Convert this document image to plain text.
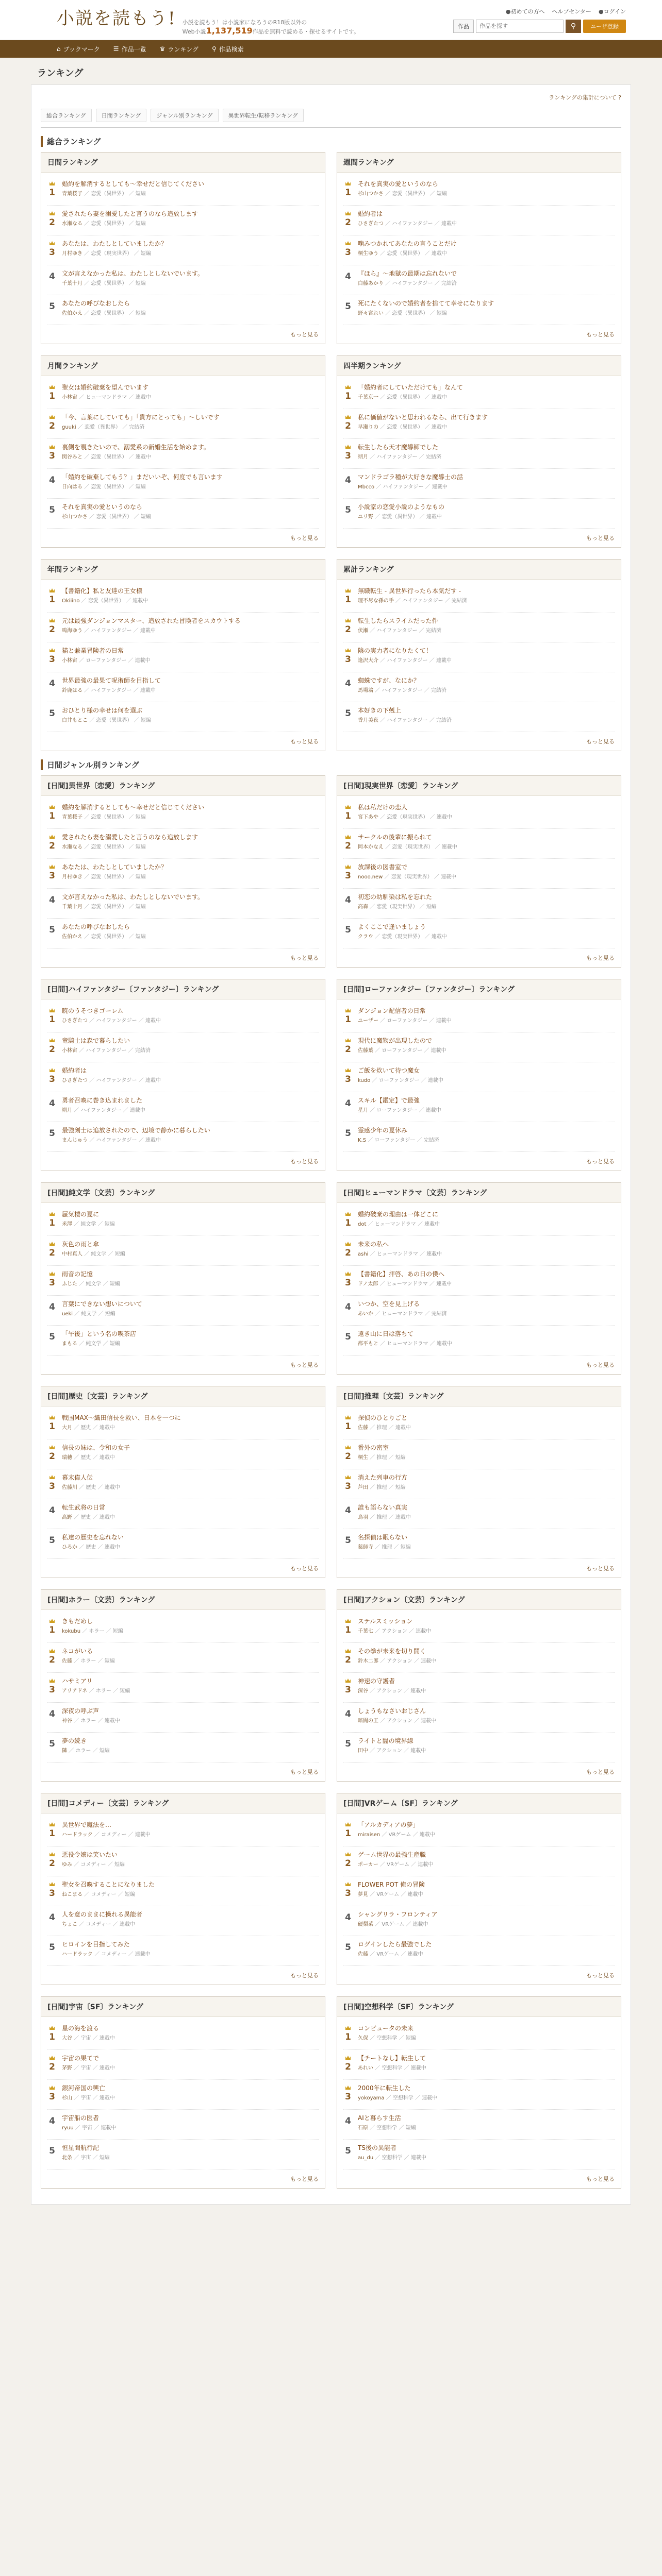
小説を読もう! 小説を読もう！は小説家になろうのR18版以外の
Web小説1,137,519作品を無料で読める・探せるサイトです。
●初めての方へ ヘルプセンター ●ログイン
作品
作品を探す	⚲	ユーザ登録
⌂ ブックマーク ☰ 作品一覧 ♛ ランキング ⚲ 作品検索
ランキング
ランキングの集計について ?
総合ランキング	日間ランキング	ジャンル別ランキング	異世界転生/転移ランキング
総合ランキング
日間ランキング
1
婚約を解消するとしても～幸せだと信じてください
青葉桜子 ／ 恋愛（異世界） ／ 短編
2
愛されたら妻を溺愛したと言うのなら追放します
水瀬なる ／ 恋愛（異世界） ／ 短編
3
あなたは、わたしとしていましたか？
月村ゆき ／ 恋愛（現実世界） ／ 短編
4 文が言えなかった私は、わたしとしないでいます。
千葉十月 ／ 恋愛（異世界） ／ 短編
5 あなたの呼びなおしたら
佐伯かえ ／ 恋愛（異世界） ／ 短編
もっと見る
週間ランキング
1
それを真実の愛というのなら
杉山つかさ ／ 恋愛（異世界） ／ 短編
2
婚約者は
ひさぎたつ ／ ハイファンタジー ／ 連載中
3
噛みつかれてあなたの言うことだけ
桐生ゆう ／ 恋愛（異世界） ／ 連載中
4 『ほら』～地獄の最期は忘れないで
白藤あかり ／ ハイファンタジー ／ 完結済
5 死にたくないので婚約者を捨てて幸せになります
野々宮れい ／ 恋愛（異世界） ／ 短編
もっと見る
月間ランキング
1
聖女は婚約破棄を望んでいます
小林宙 ／ ヒューマンドラマ ／ 連載中
2
「今、言葉にしていても」「貴方にとっても」～しいです
guuki ／ 恋愛（異世界） ／ 完結済
3
裏側を覗きたいので、溺愛系の新婚生活を始めます。
関谷みと ／ 恋愛（異世界） ／ 連載中
4 「婚約を破棄してもう？」まだいいぞ、何度でも言います
日向はる ／ 恋愛（異世界） ／ 短編
5 それを真実の愛というのなら
杉山つかさ ／ 恋愛（異世界） ／ 短編
もっと見る
四半期ランキング
1
「婚約者にしていただけても」なんて
千葉京一 ／ 恋愛（異世界） ／ 連載中
2
私に価値がないと思われるなら、出て行きます
早瀬りの ／ 恋愛（異世界） ／ 連載中
3
転生したら天才魔導師でした
朔月 ／ ハイファンタジー ／ 完結済
4 マンドラゴラ種が大好きな魔導士の話
Mbcco ／ ハイファンタジー ／ 連載中
5 小説家の恋愛小説のようなもの
ユリ野 ／ 恋愛（異世界） ／ 連載中
もっと見る
年間ランキング
1
【書籍化】私と友達の王女様
Okiiino ／ 恋愛（異世界） ／ 連載中
2
元は最強ダンジョンマスター、追放された冒険者をスカウトする
鳴海ゆう ／ ハイファンタジー ／ 連載中
3
猫と兼業冒険者の日常
小林宙 ／ ローファンタジー ／ 連載中
4 世界最強の最果て呪術師を目指して
鈴鹿はる ／ ハイファンタジー ／ 連載中
5 おひとり様の幸せは何を選ぶ
白井もとこ ／ 恋愛（異世界） ／ 短編
もっと見る
累計ランキング
1
無職転生 - 異世界行ったら本気だす -
理不尽な孫の手 ／ ハイファンタジー ／ 完結済
2
転生したらスライムだった件
伏瀬 ／ ハイファンタジー ／ 完結済
3
陰の実力者になりたくて！
逢沢大介 ／ ハイファンタジー ／ 連載中
4 蜘蛛ですが、なにか？
馬場翁 ／ ハイファンタジー ／ 完結済
5 本好きの下剋上
香月美夜 ／ ハイファンタジー ／ 完結済
もっと見る
日間ジャンル別ランキング
[日間]異世界〔恋愛〕ランキング
1
婚約を解消するとしても～幸せだと信じてください
青葉桜子 ／ 恋愛（異世界） ／ 短編
2
愛されたら妻を溺愛したと言うのなら追放します
水瀬なる ／ 恋愛（異世界） ／ 短編
3
あなたは、わたしとしていましたか？
月村ゆき ／ 恋愛（異世界） ／ 短編
4 文が言えなかった私は、わたしとしないでいます。
千葉十月 ／ 恋愛（異世界） ／ 短編
5 あなたの呼びなおしたら
佐伯かえ ／ 恋愛（異世界） ／ 短編
もっと見る
[日間]現実世界〔恋愛〕ランキング
1
私は私だけの恋人
宮下あや ／ 恋愛（現実世界） ／ 連載中
2
サークルの後輩に振られて
岡本かなえ ／ 恋愛（現実世界） ／ 連載中
3
放課後の図書室で
nooo.new ／ 恋愛（現実世界） ／ 連載中
4 初恋の幼馴染は私を忘れた
高森 ／ 恋愛（現実世界） ／ 短編
5 よくここで逢いましょう
クラウ ／ 恋愛（現実世界） ／ 連載中
もっと見る
[日間]ハイファンタジー〔ファンタジー〕ランキング
1
暁のうそつきゴーレム
ひさぎたつ ／ ハイファンタジー ／ 連載中
2
竜騎士は森で暮らしたい
小林宙 ／ ハイファンタジー ／ 完結済
3
婚約者は
ひさぎたつ ／ ハイファンタジー ／ 連載中
4 勇者召喚に巻き込まれました
朔月 ／ ハイファンタジー ／ 連載中
5 最強剣士は追放されたので、辺境で静かに暮らしたい
まんじゅう ／ ハイファンタジー ／ 連載中
もっと見る
[日間]ローファンタジー〔ファンタジー〕ランキング
1
ダンジョン配信者の日常
ユーザー ／ ローファンタジー ／ 連載中
2
現代に魔物が出現したので
佐藤葉 ／ ローファンタジー ／ 連載中
3
ご飯を炊いて待つ魔女
kudo ／ ローファンタジー ／ 連載中
4 スキル【鑑定】で最強
星月 ／ ローファンタジー ／ 連載中
5 霊感少年の夏休み
K.S ／ ローファンタジー ／ 完結済
もっと見る
[日間]純文学〔文芸〕ランキング
1
蜃気楼の夏に
米澤 ／ 純文学 ／ 短編
2
灰色の雨と傘
中村真人 ／ 純文学 ／ 短編
3
雨音の記憶
ふじた ／ 純文学 ／ 短編
4 言葉にできない想いについて
ueki ／ 純文学 ／ 短編
5 「午後」という名の喫茶店
まもる ／ 純文学 ／ 短編
もっと見る
[日間]ヒューマンドラマ〔文芸〕ランキング
1
婚約破棄の理由は一体どこに
dot ／ ヒューマンドラマ ／ 連載中
2
未来の私へ
ashi ／ ヒューマンドラマ ／ 連載中
3
【書籍化】拝啓、あの日の僕へ
ドノ太郎 ／ ヒューマンドラマ ／ 連載中
4 いつか、空を見上げる
あいか ／ ヒューマンドラマ ／ 完結済
5 遠き山に日は落ちて
都平もと ／ ヒューマンドラマ ／ 連載中
もっと見る
[日間]歴史〔文芸〕ランキング
1
戦国MAX～織田信長を救い、日本を一つに
大月 ／ 歴史 ／ 連載中
2
信長の妹は、令和の女子
瑞穂 ／ 歴史 ／ 連載中
3
幕末偉人伝
佐藤川 ／ 歴史 ／ 連載中
4 転生武将の日常
高野 ／ 歴史 ／ 連載中
5 私達の歴史を忘れない
ひろか ／ 歴史 ／ 連載中
もっと見る
[日間]推理〔文芸〕ランキング
1
探偵のひとりごと
佐藤 ／ 推理 ／ 連載中
2
番外の密室
桐生 ／ 推理 ／ 短編
3
消えた列車の行方
芦田 ／ 推理 ／ 短編
4 誰も語らない真実
鳥羽 ／ 推理 ／ 連載中
5 名探偵は眠らない
薬師寺 ／ 推理 ／ 短編
もっと見る
[日間]ホラー〔文芸〕ランキング
1
きもだめし
kokubu ／ ホラー ／ 短編
2
ネコがいる
佐藤 ／ ホラー ／ 短編
3
ハサミアリ
アリアドネ ／ ホラー ／ 短編
4 深夜の呼ぶ声
神谷 ／ ホラー ／ 連載中
5 夢の続き
隣 ／ ホラー ／ 短編
もっと見る
[日間]アクション〔文芸〕ランキング
1
ステルスミッション
千葉七 ／ アクション ／ 連載中
2
その拳が未来を切り開く
鈴木二郎 ／ アクション ／ 連載中
3
神速の守護者
深谷 ／ アクション ／ 連載中
4 しょうもなさいおじさん
暗闇の王 ／ アクション ／ 連載中
5 ライトと闇の境界線
田中 ／ アクション ／ 連載中
もっと見る
[日間]コメディー〔文芸〕ランキング
1
異世界で魔法を…
ハードラック ／ コメディー ／ 連載中
2
悪役令嬢は笑いたい
ゆみ ／ コメディー ／ 短編
3
聖女を召喚することになりました
ねこまる ／ コメディー ／ 短編
4 人を意のままに操れる異能者
ちょこ ／ コメディー ／ 連載中
5 ヒロインを目指してみた
ハードラック ／ コメディー ／ 連載中
もっと見る
[日間]VRゲーム〔SF〕ランキング
1
「アルカディアの夢」
miraisen ／ VRゲーム ／ 連載中
2
ゲーム世界の最強生産職
ポーカー ／ VRゲーム ／ 連載中
3
FLOWER POT 俺の冒険
夢見 ／ VRゲーム ／ 連載中
4 シャングリラ・フロンティア
硬梨菜 ／ VRゲーム ／ 連載中
5 ログインしたら最強でした
佐藤 ／ VRゲーム ／ 連載中
もっと見る
[日間]宇宙〔SF〕ランキング
1
星の海を渡る
大谷 ／ 宇宙 ／ 連載中
2
宇宙の果てで
茅野 ／ 宇宙 ／ 連載中
3
銀河帝国の興亡
杉山 ／ 宇宙 ／ 連載中
4 宇宙船の医者
ryuu ／ 宇宙 ／ 連載中
5 恒星間航行記
北条 ／ 宇宙 ／ 短編
もっと見る
[日間]空想科学〔SF〕ランキング
1
コンピュータの未来
久保 ／ 空想科学 ／ 短編
2
【チートなし】転生して
あれい ／ 空想科学 ／ 連載中
3
2000年に転生した
yokoyama ／ 空想科学 ／ 連載中
4 AIと暮らす生活
石原 ／ 空想科学 ／ 短編
5 TS後の異能者
au_du ／ 空想科学 ／ 連載中
もっと見る
